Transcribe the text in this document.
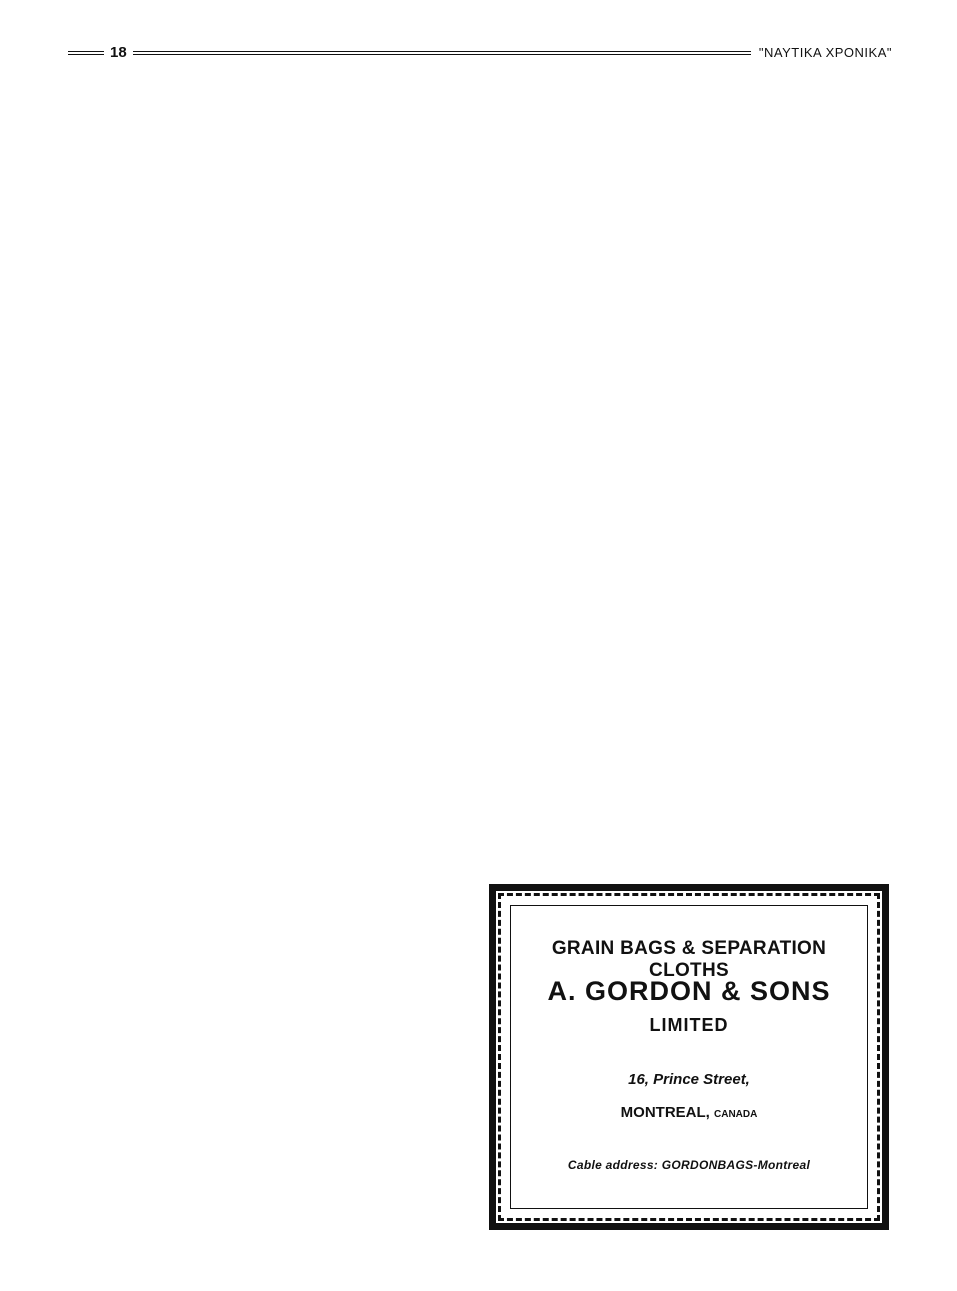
18	"ΝΑΥΤΙΚΑ ΧΡΟΝΙΚΑ"
GRAIN BAGS & SEPARATION CLOTHS
A. GORDON & SONS LIMITED
16, Prince Street,
MONTREAL, CANADA
Cable address: GORDONBAGS-Montreal
